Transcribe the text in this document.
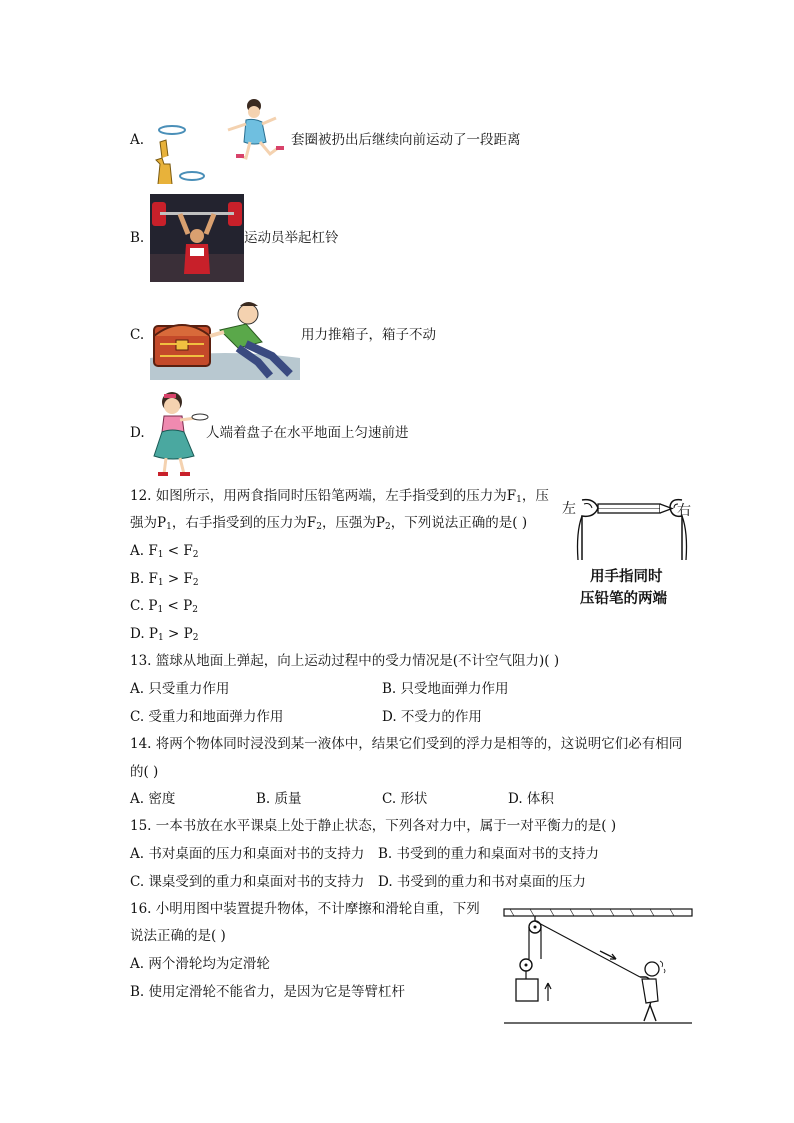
A.	套圈被扔出后继续向前运动了一段距离
B.	运动员举起杠铃
C.	用力推箱子，箱子不动
D.	人端着盘子在水平地面上匀速前进
12. 如图所示，用两食指同时压铅笔两端，左手指受到的压力为$F_1$，压
强为$P_1$，右手指受到的压力为$F_2$，压强为$P_2$，下列说法正确的是( )
A. $F_1 < F_2$
B. $F_1 > F_2$
C. $P_1 < P_2$
D. $P_1 > P_2$
左	右
用手指同时
压铅笔的两端
13. 篮球从地面上弹起，向上运动过程中的受力情况是(不计空气阻力)( )
A. 只受重力作用	B. 只受地面弹力作用
C. 受重力和地面弹力作用	D. 不受力的作用
14. 将两个物体同时浸没到某一液体中，结果它们受到的浮力是相等的，这说明它们必有相同
的( )
A. 密度	B. 质量	C. 形状	D. 体积
15. 一本书放在水平课桌上处于静止状态，下列各对力中，属于一对平衡力的是( )
A. 书对桌面的压力和桌面对书的支持力 B. 书受到的重力和桌面对书的支持力
C. 课桌受到的重力和桌面对书的支持力 D. 书受到的重力和书对桌面的压力
16. 小明用图中装置提升物体，不计摩擦和滑轮自重，下列
说法正确的是( )
A. 两个滑轮均为定滑轮
B. 使用定滑轮不能省力，是因为它是等臂杠杆
